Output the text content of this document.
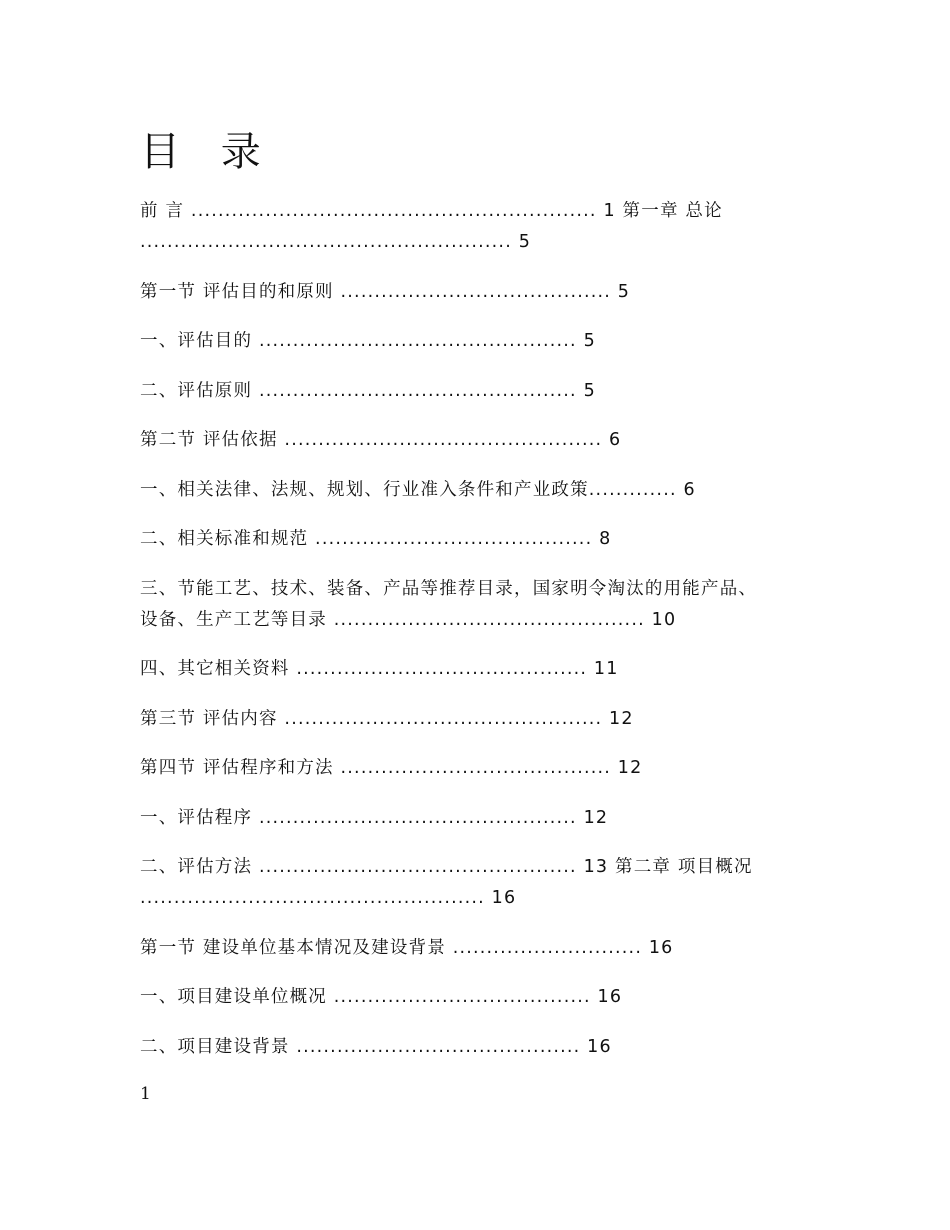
目 录

前 言 ............................................................ 1 第一章 总论

....................................................... 5

第一节 评估目的和原则 ........................................ 5

一、评估目的 ............................................... 5

二、评估原则 ............................................... 5

第二节 评估依据 ............................................... 6

一、相关法律、法规、规划、行业准入条件和产业政策............. 6

二、相关标准和规范 ......................................... 8

三、节能工艺、技术、装备、产品等推荐目录，国家明令淘汰的用能产品、

设备、生产工艺等目录 .............................................. 10

四、其它相关资料 ........................................... 11

第三节 评估内容 ............................................... 12

第四节 评估程序和方法 ........................................ 12

一、评估程序 ............................................... 12

二、评估方法 ............................................... 13 第二章 项目概况

................................................... 16

第一节 建设单位基本情况及建设背景 ............................ 16

一、项目建设单位概况 ...................................... 16

二、项目建设背景 .......................................... 16

1
